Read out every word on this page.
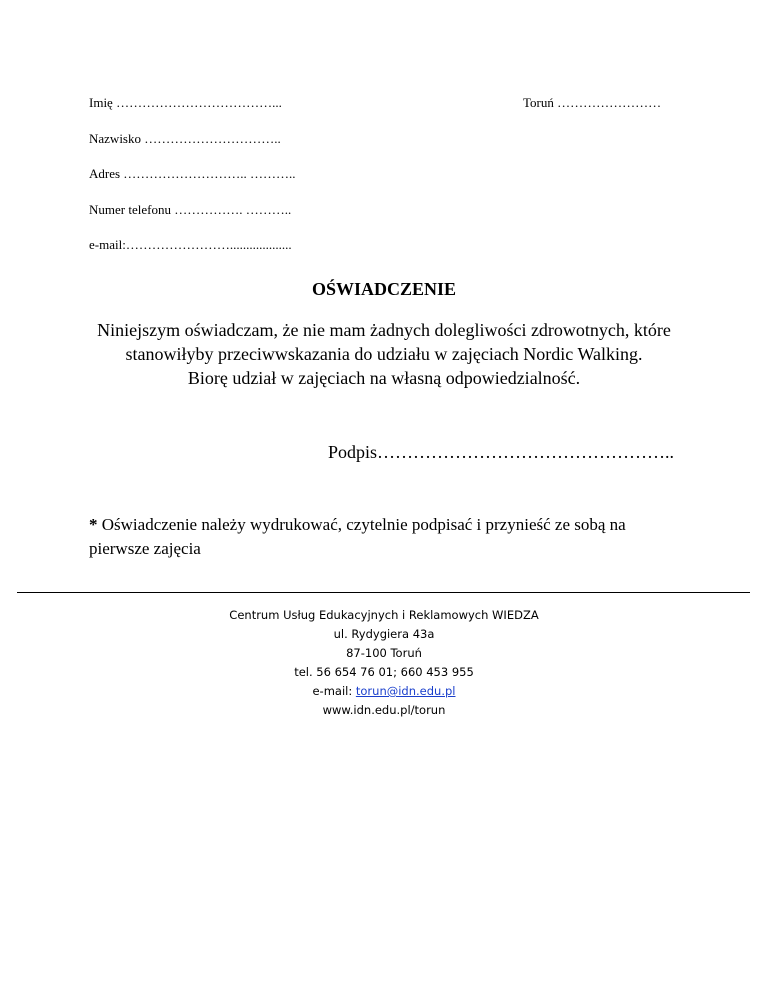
Imię ………………………………...	Toruń ……………………
Nazwisko …………………………..
Adres ……………………….. ………..
Numer telefonu ……………. ………..
e-mail:……………………...................
OŚWIADCZENIE
Niniejszym oświadczam, że nie mam żadnych dolegliwości zdrowotnych, które
stanowiłyby przeciwwskazania do udziału w zajęciach Nordic Walking.
Biorę udział w zajęciach na własną odpowiedzialność.
Podpis…………………………………………..
* Oświadczenie należy wydrukować, czytelnie podpisać i przynieść ze sobą na pierwsze zajęcia
Centrum Usług Edukacyjnych i Reklamowych WIEDZA
ul. Rydygiera 43a
87-100 Toruń
tel. 56 654 76 01; 660 453 955
e-mail: torun@idn.edu.pl
www.idn.edu.pl/torun
